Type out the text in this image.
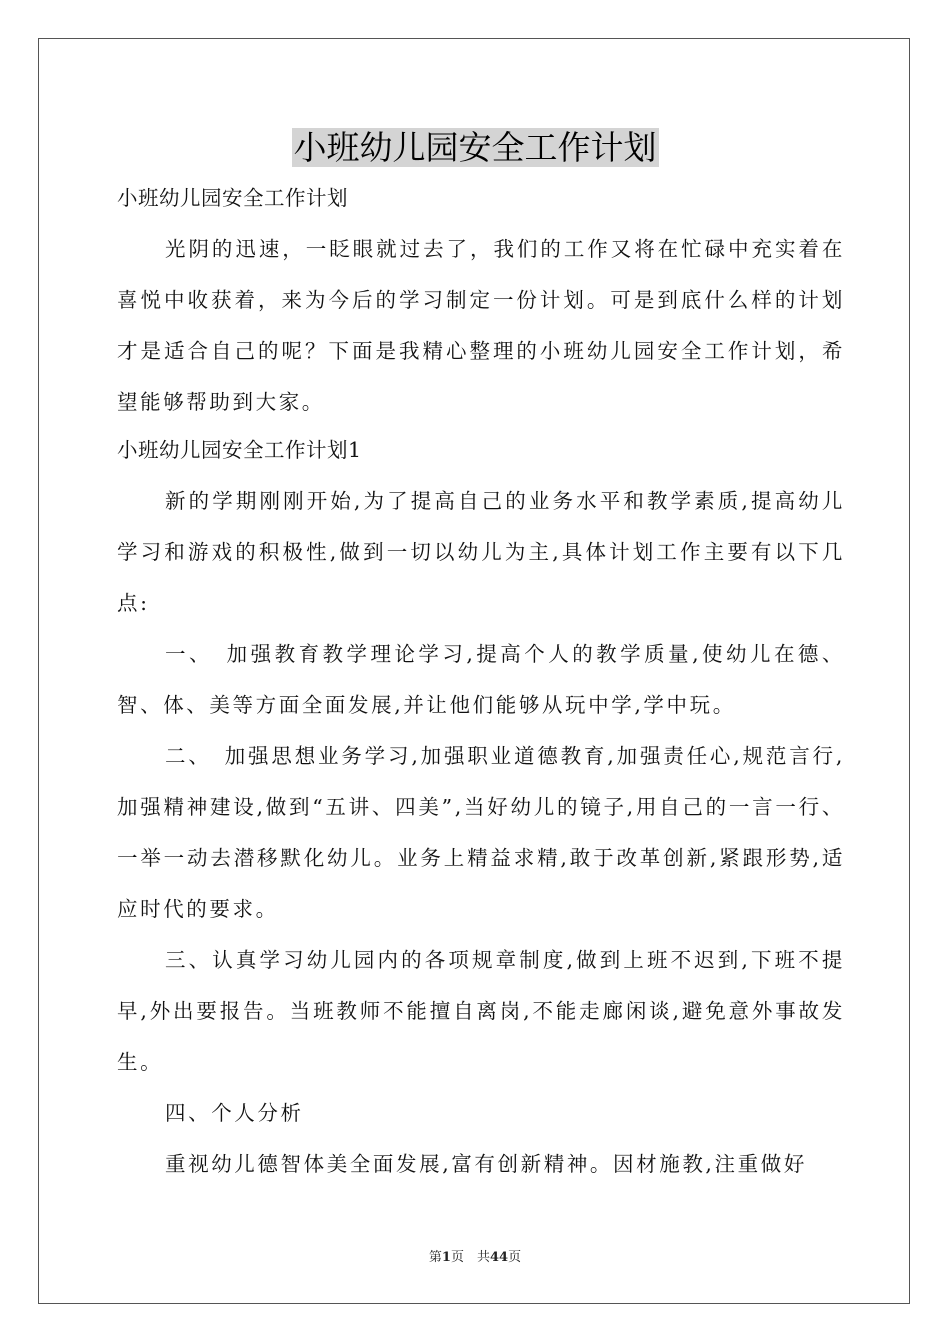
小班幼儿园安全工作计划

小班幼儿园安全工作计划

光阴的迅速，一眨眼就过去了，我们的工作又将在忙碌中充实着在喜悦中收获着，来为今后的学习制定一份计划。可是到底什么样的计划才是适合自己的呢？下面是我精心整理的小班幼儿园安全工作计划，希望能够帮助到大家。

小班幼儿园安全工作计划1

新的学期刚刚开始,为了提高自己的业务水平和教学素质,提高幼儿学习和游戏的积极性,做到一切以幼儿为主,具体计划工作主要有以下几点:

一、　加强教育教学理论学习,提高个人的教学质量,使幼儿在德、智、体、美等方面全面发展,并让他们能够从玩中学,学中玩。

二、　加强思想业务学习,加强职业道德教育,加强责任心,规范言行,加强精神建设,做到“五讲、四美”,当好幼儿的镜子,用自己的一言一行、一举一动去潜移默化幼儿。业务上精益求精,敢于改革创新,紧跟形势,适应时代的要求。

三、认真学习幼儿园内的各项规章制度,做到上班不迟到,下班不提早,外出要报告。当班教师不能擅自离岗,不能走廊闲谈,避免意外事故发生。

四、个人分析

重视幼儿德智体美全面发展,富有创新精神。因材施教,注重做好

第1页　共44页
